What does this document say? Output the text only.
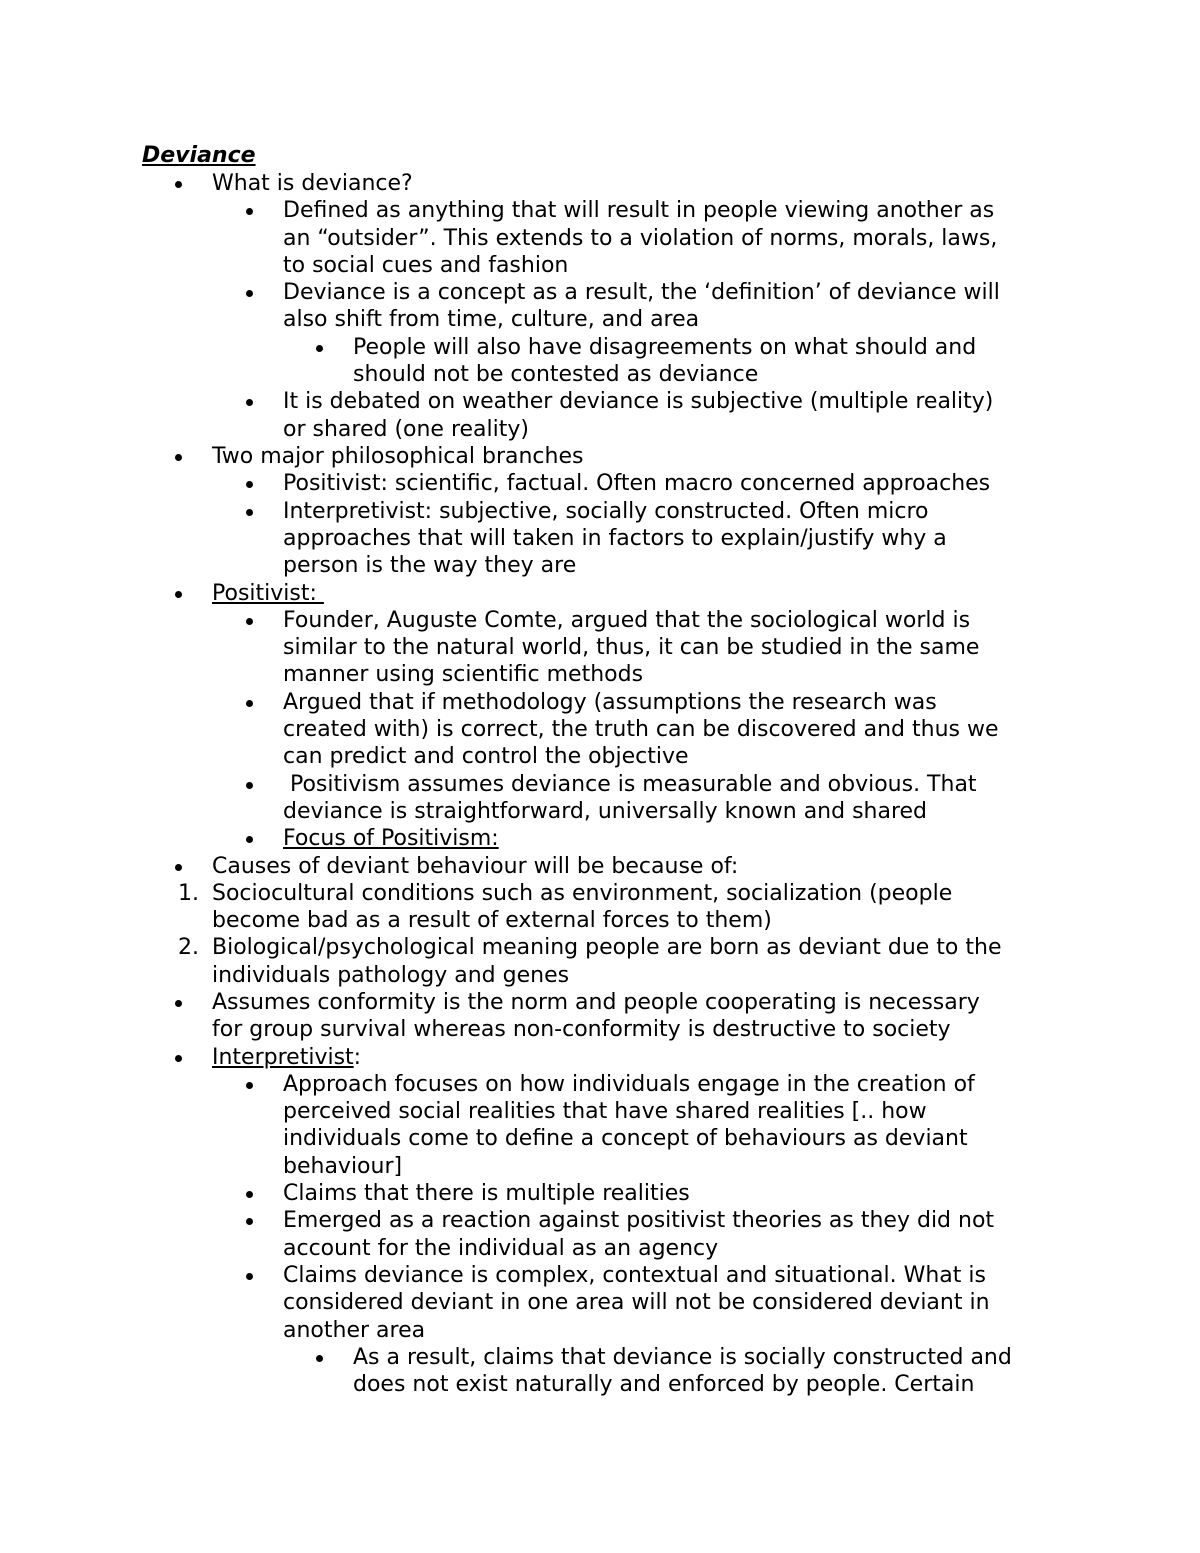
Deviance
What is deviance?
Defined as anything that will result in people viewing another as
an “outsider”. This extends to a violation of norms, morals, laws,
to social cues and fashion
Deviance is a concept as a result, the ‘definition’ of deviance will
also shift from time, culture, and area
People will also have disagreements on what should and
should not be contested as deviance
It is debated on weather deviance is subjective (multiple reality)
or shared (one reality)
Two major philosophical branches
Positivist: scientific, factual. Often macro concerned approaches
Interpretivist: subjective, socially constructed. Often micro
approaches that will taken in factors to explain/justify why a
person is the way they are
Positivist:
Founder, Auguste Comte, argued that the sociological world is
similar to the natural world, thus, it can be studied in the same
manner using scientific methods
Argued that if methodology (assumptions the research was
created with) is correct, the truth can be discovered and thus we
can predict and control the objective
Positivism assumes deviance is measurable and obvious. That
deviance is straightforward, universally known and shared
Focus of Positivism:
Causes of deviant behaviour will be because of:
1. Sociocultural conditions such as environment, socialization (people
become bad as a result of external forces to them)
2. Biological/psychological meaning people are born as deviant due to the
individuals pathology and genes
Assumes conformity is the norm and people cooperating is necessary
for group survival whereas non-conformity is destructive to society
Interpretivist:
Approach focuses on how individuals engage in the creation of
perceived social realities that have shared realities [.. how
individuals come to define a concept of behaviours as deviant
behaviour]
Claims that there is multiple realities
Emerged as a reaction against positivist theories as they did not
account for the individual as an agency
Claims deviance is complex, contextual and situational. What is
considered deviant in one area will not be considered deviant in
another area
As a result, claims that deviance is socially constructed and
does not exist naturally and enforced by people. Certain
